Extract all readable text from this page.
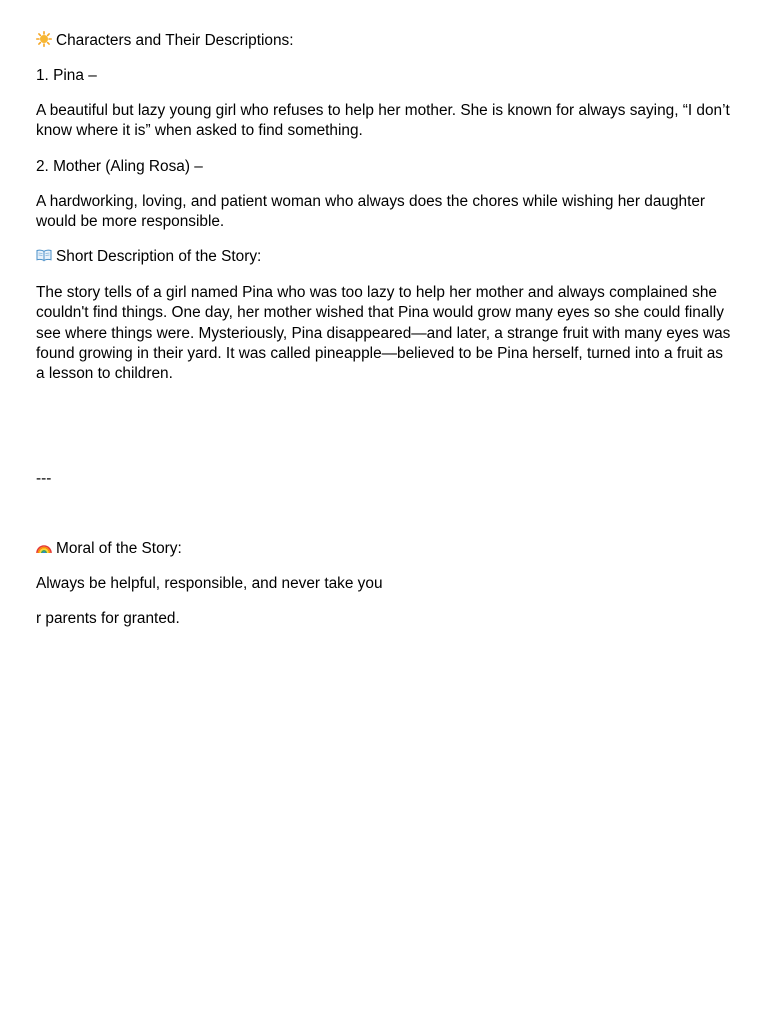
Characters and Their Descriptions:
1. Pina –
A beautiful but lazy young girl who refuses to help her mother. She is known for always saying, “I don’t know where it is” when asked to find something.
2. Mother (Aling Rosa) –
A hardworking, loving, and patient woman who always does the chores while wishing her daughter would be more responsible.
Short Description of the Story:
The story tells of a girl named Pina who was too lazy to help her mother and always complained she couldn't find things. One day, her mother wished that Pina would grow many eyes so she could finally see where things were. Mysteriously, Pina disappeared—and later, a strange fruit with many eyes was found growing in their yard. It was called pineapple—believed to be Pina herself, turned into a fruit as a lesson to children.
---
Moral of the Story:
Always be helpful, responsible, and never take you
r parents for granted.
